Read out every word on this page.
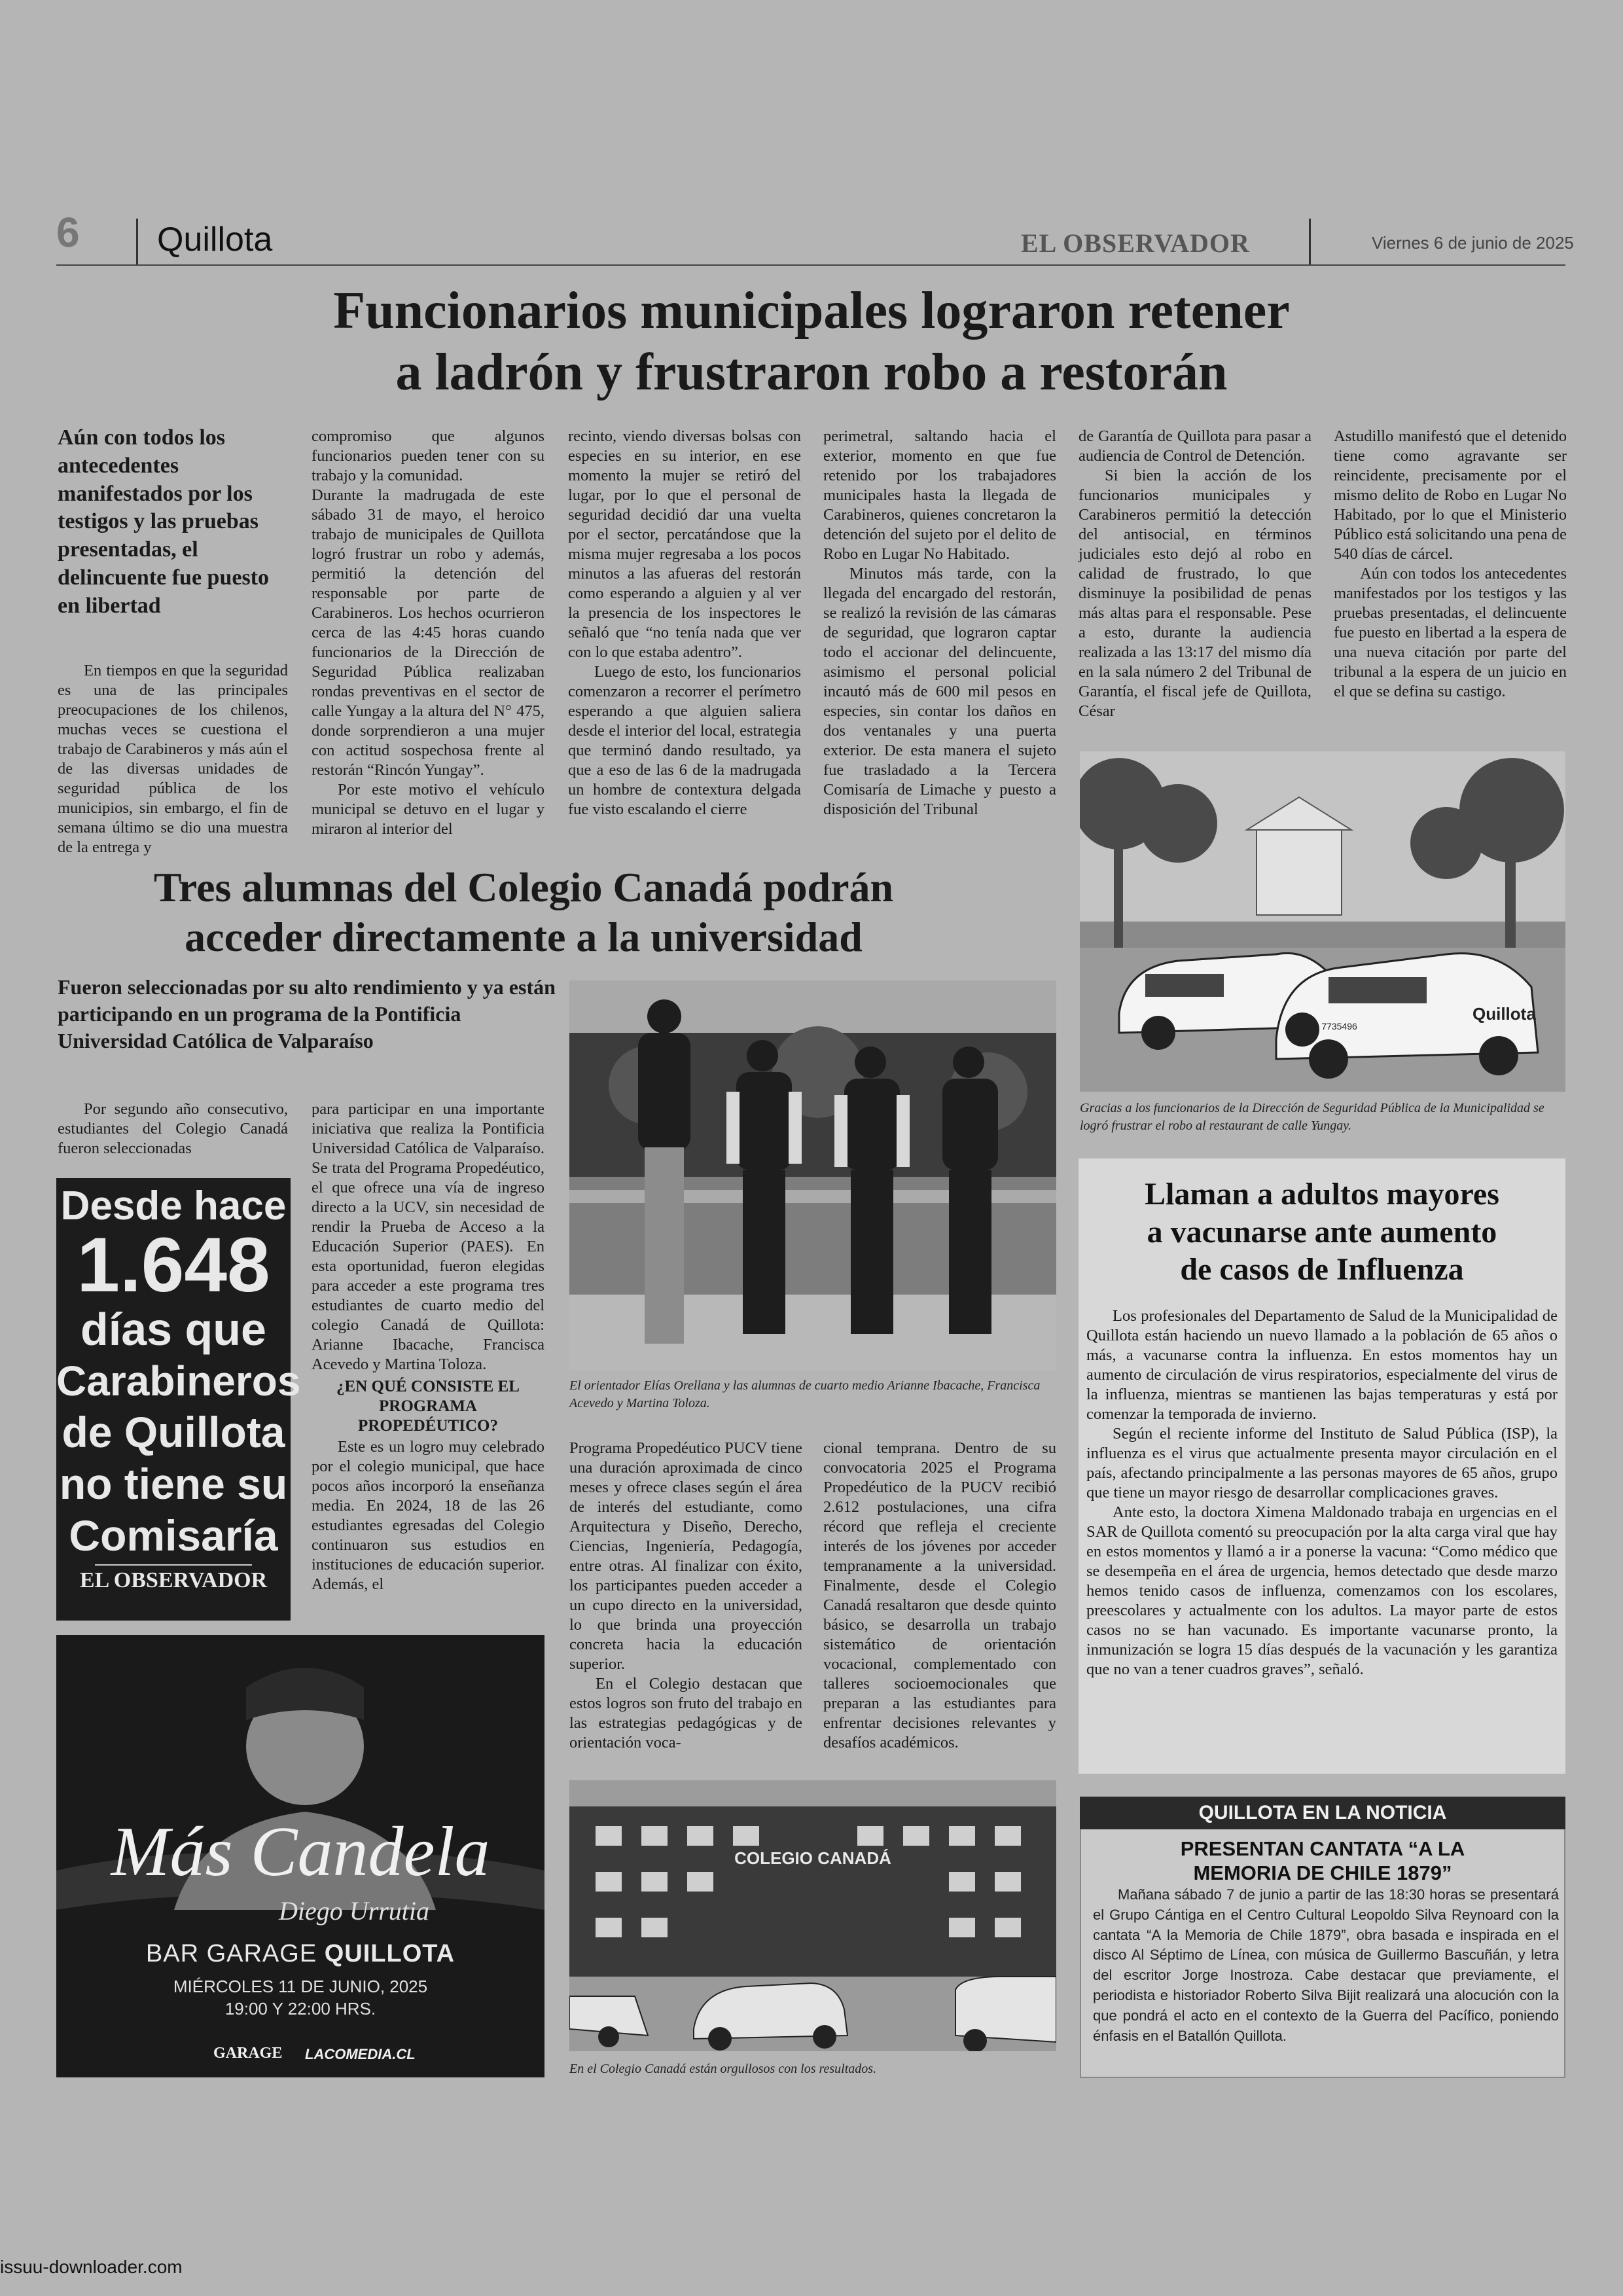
6 Quillota	EL OBSERVADOR	Viernes 6 de junio de 2025
Funcionarios municipales lograron retener
a ladrón y frustraron robo a restorán
Aún con todos los antecedentes manifestados por los testigos y las pruebas presentadas, el delincuente fue puesto en libertad

En tiempos en que la seguridad es una de las principales preocupaciones de los chilenos, muchas veces se cuestiona el trabajo de Carabineros y más aún el de las diversas unidades de seguridad pública de los municipios, sin embargo, el fin de semana último se dio una muestra de la entrega y

compromiso que algunos funcionarios pueden tener con su trabajo y la comunidad.

Durante la madrugada de este sábado 31 de mayo, el heroico trabajo de municipales de Quillota logró frustrar un robo y además, permitió la detención del responsable por parte de Carabineros. Los hechos ocurrieron cerca de las 4:45 horas cuando funcionarios de la Dirección de Seguridad Pública realizaban rondas preventivas en el sector de calle Yungay a la altura del N° 475, donde sorprendieron a una mujer con actitud sospechosa frente al restorán “Rincón Yungay”.

Por este motivo el vehículo municipal se detuvo en el lugar y miraron al interior del

recinto, viendo diversas bolsas con especies en su interior, en ese momento la mujer se retiró del lugar, por lo que el personal de seguridad decidió dar una vuelta por el sector, percatándose que la misma mujer regresaba a los pocos minutos a las afueras del restorán como esperando a alguien y al ver la presencia de los inspectores le señaló que “no tenía nada que ver con lo que estaba adentro”.

Luego de esto, los funcionarios comenzaron a recorrer el perímetro esperando a que alguien saliera desde el interior del local, estrategia que terminó dando resultado, ya que a eso de las 6 de la madrugada un hombre de contextura delgada fue visto escalando el cierre

perimetral, saltando hacia el exterior, momento en que fue retenido por los trabajadores municipales hasta la llegada de Carabineros, quienes concretaron la detención del sujeto por el delito de Robo en Lugar No Habitado.

Minutos más tarde, con la llegada del encargado del restorán, se realizó la revisión de las cámaras de seguridad, que lograron captar todo el accionar del delincuente, asimismo el personal policial incautó más de 600 mil pesos en especies, sin contar los daños en dos ventanales y una puerta exterior. De esta manera el sujeto fue trasladado a la Tercera Comisaría de Limache y puesto a disposición del Tribunal

de Garantía de Quillota para pasar a audiencia de Control de Detención.

Si bien la acción de los funcionarios municipales y Carabineros permitió la detección del antisocial, en términos judiciales esto dejó al robo en calidad de frustrado, lo que disminuye la posibilidad de penas más altas para el responsable. Pese a esto, durante la audiencia realizada a las 13:17 del mismo día en la sala número 2 del Tribunal de Garantía, el fiscal jefe de Quillota, César

Astudillo manifestó que el detenido tiene como agravante ser reincidente, precisamente por el mismo delito de Robo en Lugar No Habitado, por lo que el Ministerio Público está solicitando una pena de 540 días de cárcel.

Aún con todos los antecedentes manifestados por los testigos y las pruebas presentadas, el delincuente fue puesto en libertad a la espera de una nueva citación por parte del tribunal a la espera de un juicio en el que se defina su castigo.

Quillota
+56 4 7735496
Gracias a los funcionarios de la Dirección de Seguridad Pública de la Municipalidad se logró frustrar el robo al restaurant de calle Yungay.
Tres alumnas del Colegio Canadá podrán
acceder directamente a la universidad
Fueron seleccionadas por su alto rendimiento y ya están participando en un programa de la Pontificia Universidad Católica de Valparaíso

Por segundo año consecutivo, estudiantes del Colegio Canadá fueron seleccionadas

Desde hace
1.648
días que
Carabineros
de Quillota
no tiene su
Comisaría
EL OBSERVADOR

para participar en una importante iniciativa que realiza la Pontificia Universidad Católica de Valparaíso. Se trata del Programa Propedéutico, el que ofrece una vía de ingreso directo a la UCV, sin necesidad de rendir la Prueba de Acceso a la Educación Superior (PAES). En esta oportunidad, fueron elegidas para acceder a este programa tres estudiantes de cuarto medio del colegio Canadá de Quillota: Arianne Ibacache, Francisca Acevedo y Martina Toloza.

¿EN QUÉ CONSISTE EL PROGRAMA PROPEDÉUTICO?

Este es un logro muy celebrado por el colegio municipal, que hace pocos años incorporó la enseñanza media. En 2024, 18 de las 26 estudiantes egresadas del Colegio continuaron sus estudios en instituciones de educación superior. Además, el

El orientador Elías Orellana y las alumnas de cuarto medio Arianne Ibacache, Francisca Acevedo y Martina Toloza.

Programa Propedéutico PUCV tiene una duración aproximada de cinco meses y ofrece clases según el área de interés del estudiante, como Arquitectura y Diseño, Derecho, Ciencias, Ingeniería, Pedagogía, entre otras. Al finalizar con éxito, los participantes pueden acceder a un cupo directo en la universidad, lo que brinda una proyección concreta hacia la educación superior.

En el Colegio destacan que estos logros son fruto del trabajo en las estrategias pedagógicas y de orientación voca-

cional temprana. Dentro de su convocatoria 2025 el Programa Propedéutico de la PUCV recibió 2.612 postulaciones, una cifra récord que refleja el creciente interés de los jóvenes por acceder tempranamente a la universidad. Finalmente, desde el Colegio Canadá resaltaron que desde quinto básico, se desarrolla un trabajo sistemático de orientación vocacional, complementado con talleres socioemocionales que preparan a las estudiantes para enfrentar decisiones relevantes y desafíos académicos.

COLEGIO CANADÁ
En el Colegio Canadá están orgullosos con los resultados.
Más Candela
Diego Urrutia
BAR GARAGE QUILLOTA
MIÉRCOLES 11 DE JUNIO, 2025
19:00 Y 22:00 HRS.
GARAGE LACOMEDIA.CL
Llaman a adultos mayores
a vacunarse ante aumento
de casos de Influenza

Los profesionales del Departamento de Salud de la Municipalidad de Quillota están haciendo un nuevo llamado a la población de 65 años o más, a vacunarse contra la influenza. En estos momentos hay un aumento de circulación de virus respiratorios, especialmente del virus de la influenza, mientras se mantienen las bajas temperaturas y está por comenzar la temporada de invierno.

Según el reciente informe del Instituto de Salud Pública (ISP), la influenza es el virus que actualmente presenta mayor circulación en el país, afectando principalmente a las personas mayores de 65 años, grupo que tiene un mayor riesgo de desarrollar complicaciones graves.

Ante esto, la doctora Ximena Maldonado trabaja en urgencias en el SAR de Quillota comentó su preocupación por la alta carga viral que hay en estos momentos y llamó a ir a ponerse la vacuna: “Como médico que se desempeña en el área de urgencia, hemos detectado que desde marzo hemos tenido casos de influenza, comenzamos con los escolares, preescolares y actualmente con los adultos. La mayor parte de estos casos no se han vacunado. Es importante vacunarse pronto, la inmunización se logra 15 días después de la vacunación y les garantiza que no van a tener cuadros graves”, señaló.

QUILLOTA EN LA NOTICIA
PRESENTAN CANTATA “A LA
MEMORIA DE CHILE 1879”

Mañana sábado 7 de junio a partir de las 18:30 horas se presentará el Grupo Cántiga en el Centro Cultural Leopoldo Silva Reynoard con la cantata “A la Memoria de Chile 1879”, obra basada e inspirada en el disco Al Séptimo de Línea, con música de Guillermo Bascuñán, y letra del escritor Jorge Inostroza. Cabe destacar que previamente, el periodista e historiador Roberto Silva Bijit realizará una alocución con la que pondrá el acto en el contexto de la Guerra del Pacífico, poniendo énfasis en el Batallón Quillota.

issuu-downloader.com
